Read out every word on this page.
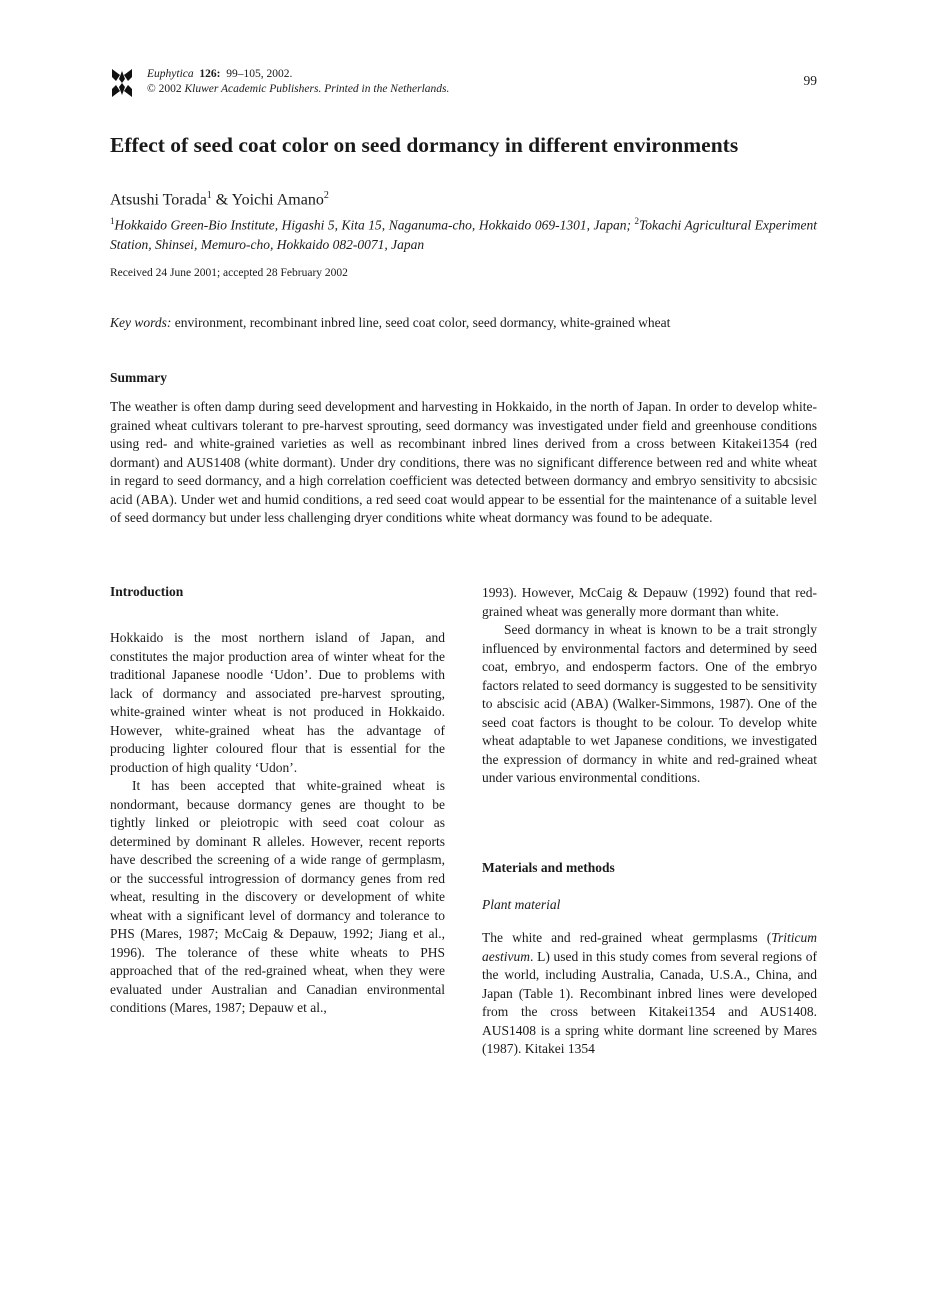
Euphytica 126: 99–105, 2002.
© 2002 Kluwer Academic Publishers. Printed in the Netherlands.
99
Effect of seed coat color on seed dormancy in different environments
Atsushi Torada$^1$ & Yoichi Amano$^2$
$^1$Hokkaido Green-Bio Institute, Higashi 5, Kita 15, Naganuma-cho, Hokkaido 069-1301, Japan; $^2$Tokachi Agricultural Experiment Station, Shinsei, Memuro-cho, Hokkaido 082-0071, Japan
Received 24 June 2001; accepted 28 February 2002
Key words: environment, recombinant inbred line, seed coat color, seed dormancy, white-grained wheat
Summary
The weather is often damp during seed development and harvesting in Hokkaido, in the north of Japan. In order to develop white-grained wheat cultivars tolerant to pre-harvest sprouting, seed dormancy was investigated under field and greenhouse conditions using red- and white-grained varieties as well as recombinant inbred lines derived from a cross between Kitakei1354 (red dormant) and AUS1408 (white dormant). Under dry conditions, there was no significant difference between red and white wheat in regard to seed dormancy, and a high correlation coefficient was detected between dormancy and embryo sensitivity to abcsisic acid (ABA). Under wet and humid conditions, a red seed coat would appear to be essential for the maintenance of a suitable level of seed dormancy but under less challenging dryer conditions white wheat dormancy was found to be adequate.
Introduction

Hokkaido is the most northern island of Japan, and constitutes the major production area of winter wheat for the traditional Japanese noodle ‘Udon’. Due to problems with lack of dormancy and associated pre-harvest sprouting, white-grained winter wheat is not produced in Hokkaido. However, white-grained wheat has the advantage of producing lighter coloured flour that is essential for the production of high quality ‘Udon’.

It has been accepted that white-grained wheat is nondormant, because dormancy genes are thought to be tightly linked or pleiotropic with seed coat colour as determined by dominant R alleles. However, recent reports have described the screening of a wide range of germplasm, or the successful introgression of dormancy genes from red wheat, resulting in the discovery or development of white wheat with a significant level of dormancy and tolerance to PHS (Mares, 1987; McCaig & Depauw, 1992; Jiang et al., 1996). The tolerance of these white wheats to PHS approached that of the red-grained wheat, when they were evaluated under Australian and Canadian environmental conditions (Mares, 1987; Depauw et al.,

1993). However, McCaig & Depauw (1992) found that red-grained wheat was generally more dormant than white.

Seed dormancy in wheat is known to be a trait strongly influenced by environmental factors and determined by seed coat, embryo, and endosperm factors. One of the embryo factors related to seed dormancy is suggested to be sensitivity to abscisic acid (ABA) (Walker-Simmons, 1987). One of the seed coat factors is thought to be colour. To develop white wheat adaptable to wet Japanese conditions, we investigated the expression of dormancy in white and red-grained wheat under various environmental conditions.

Materials and methods
Plant material
The white and red-grained wheat germplasms (Triticum aestivum. L) used in this study comes from several regions of the world, including Australia, Canada, U.S.A., China, and Japan (Table 1). Recombinant inbred lines were developed from the cross between Kitakei1354 and AUS1408. AUS1408 is a spring white dormant line screened by Mares (1987). Kitakei 1354
